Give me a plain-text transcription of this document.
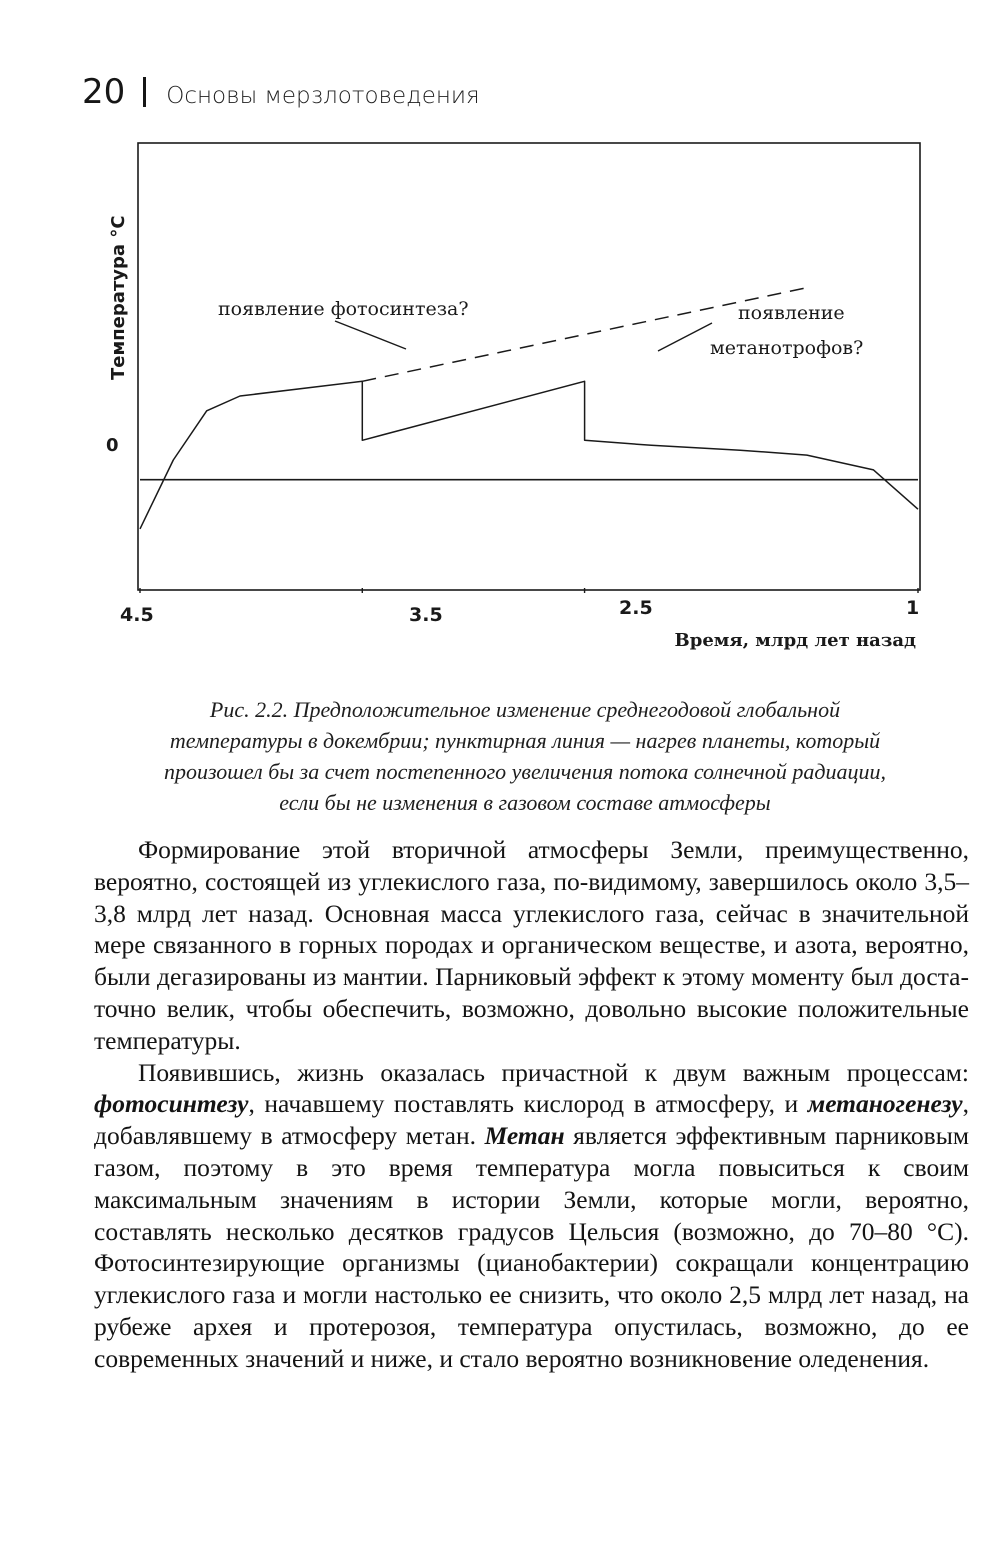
20 Основы мерзлотоведения
появление фотосинтеза?	появление
метанотрофов?
Температура °С
0
4.5	3.5	2.5	1
Время, млрд лет назад
Рис. 2.2. Предположительное изменение среднегодовой глобальной
температуры в докембрии; пунктирная линия — нагрев планеты, который
произошел бы за счет постепенного увеличения потока солнечной радиации,
если бы не изменения в газовом составе атмосферы

Формирование этой вторичной атмосферы Земли, преимущественно, вероятно, состоящей из углекислого газа, по-видимому, завершилось около 3,5–3,8 млрд лет назад. Основная масса углекислого газа, сейчас в значительной мере связанного в горных породах и органическом веществе, и азота, вероятно, были дегазированы из мантии. Парниковый эффект к этому моменту был достаточно велик, чтобы обеспечить, возможно, довольно высокие положительные температуры.

Появившись, жизнь оказалась причастной к двум важным процессам: фотосинтезу, начавшему поставлять кислород в атмосферу, и метаногенезу, добавлявшему в атмосферу метан. Метан является эффективным парниковым газом, поэтому в это время температура могла повыситься к своим максимальным значениям в истории Земли, которые могли, вероятно, составлять несколько десятков градусов Цельсия (возможно, до 70–80 °С). Фотосинтезирующие организмы (цианобактерии) сокращали концентрацию углекислого газа и могли настолько ее снизить, что около 2,5 млрд лет назад, на рубеже архея и протерозоя, температура опустилась, возможно, до ее современных значений и ниже, и стало вероятно возникновение оледенения.
